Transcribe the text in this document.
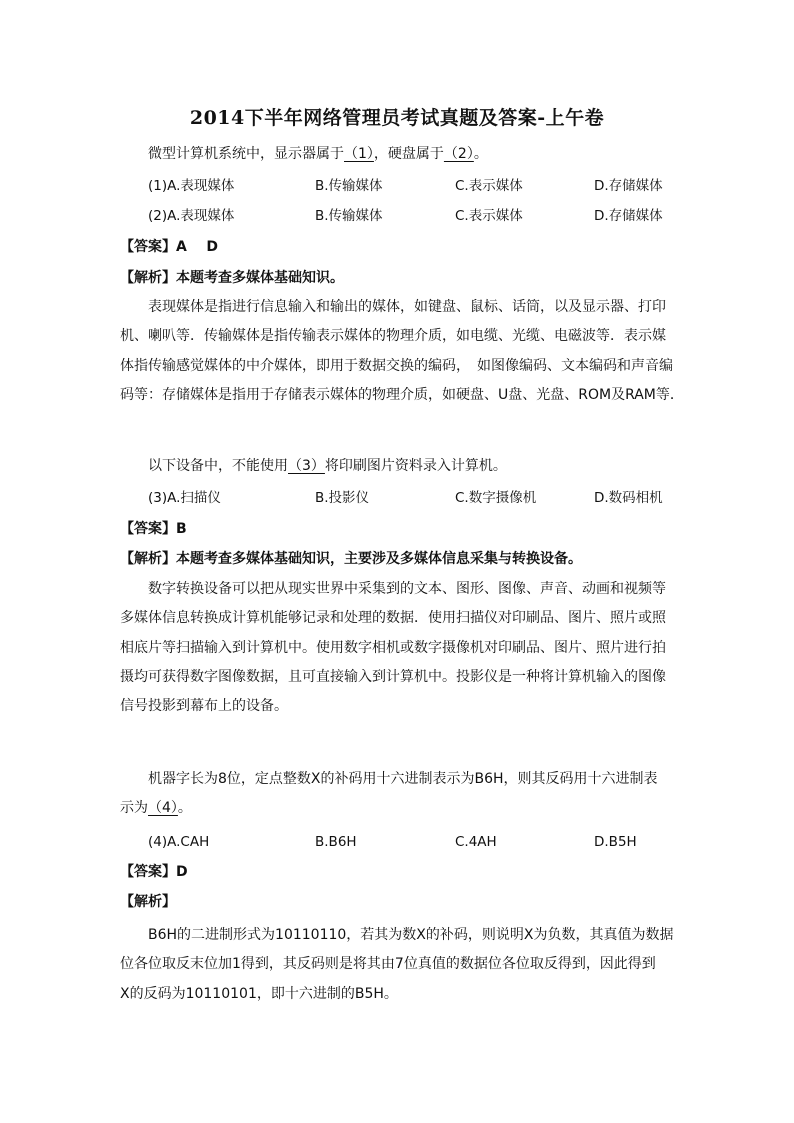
2014下半年网络管理员考试真题及答案-上午卷
微型计算机系统中，显示器属于（1），硬盘属于（2）。
(1)A.表现媒体	B.传输媒体	C.表示媒体	D.存储媒体
(2)A.表现媒体	B.传输媒体	C.表示媒体	D.存储媒体
【答案】A    D
【解析】本题考查多媒体基础知识。
表现媒体是指进行信息输入和输出的媒体，如键盘、鼠标、话筒，以及显示器、打印
机、喇叭等．传输媒体是指传输表示媒体的物理介质，如电缆、光缆、电磁波等．表示媒
体指传输感觉媒体的中介媒体，即用于数据交换的编码，　如图像编码、文本编码和声音编
码等：存储媒体是指用于存储表示媒体的物理介质，如硬盘、U盘、光盘、ROM及RAM等．
以下设备中，不能使用（3）将印刷图片资料录入计算机。
(3)A.扫描仪	B.投影仪	C.数字摄像机	D.数码相机
【答案】B
【解析】本题考查多媒体基础知识，主要涉及多媒体信息采集与转换设备。
数字转换设备可以把从现实世界中采集到的文本、图形、图像、声音、动画和视频等
多媒体信息转换成计算机能够记录和处理的数据．使用扫描仪对印刷品、图片、照片或照
相底片等扫描输入到计算机中。使用数字相机或数字摄像机对印刷品、图片、照片进行拍
摄均可获得数字图像数据，且可直接输入到计算机中。投影仪是一种将计算机输入的图像
信号投影到幕布上的设备。
机器字长为8位，定点整数X的补码用十六进制表示为B6H，则其反码用十六进制表
示为（4）。
(4)A.CAH	B.B6H	C.4AH	D.B5H
【答案】D
【解析】
B6H的二进制形式为10110110，若其为数X的补码，则说明X为负数，其真值为数据
位各位取反末位加1得到，其反码则是将其由7位真值的数据位各位取反得到，因此得到
X的反码为10110101，即十六进制的B5H。
